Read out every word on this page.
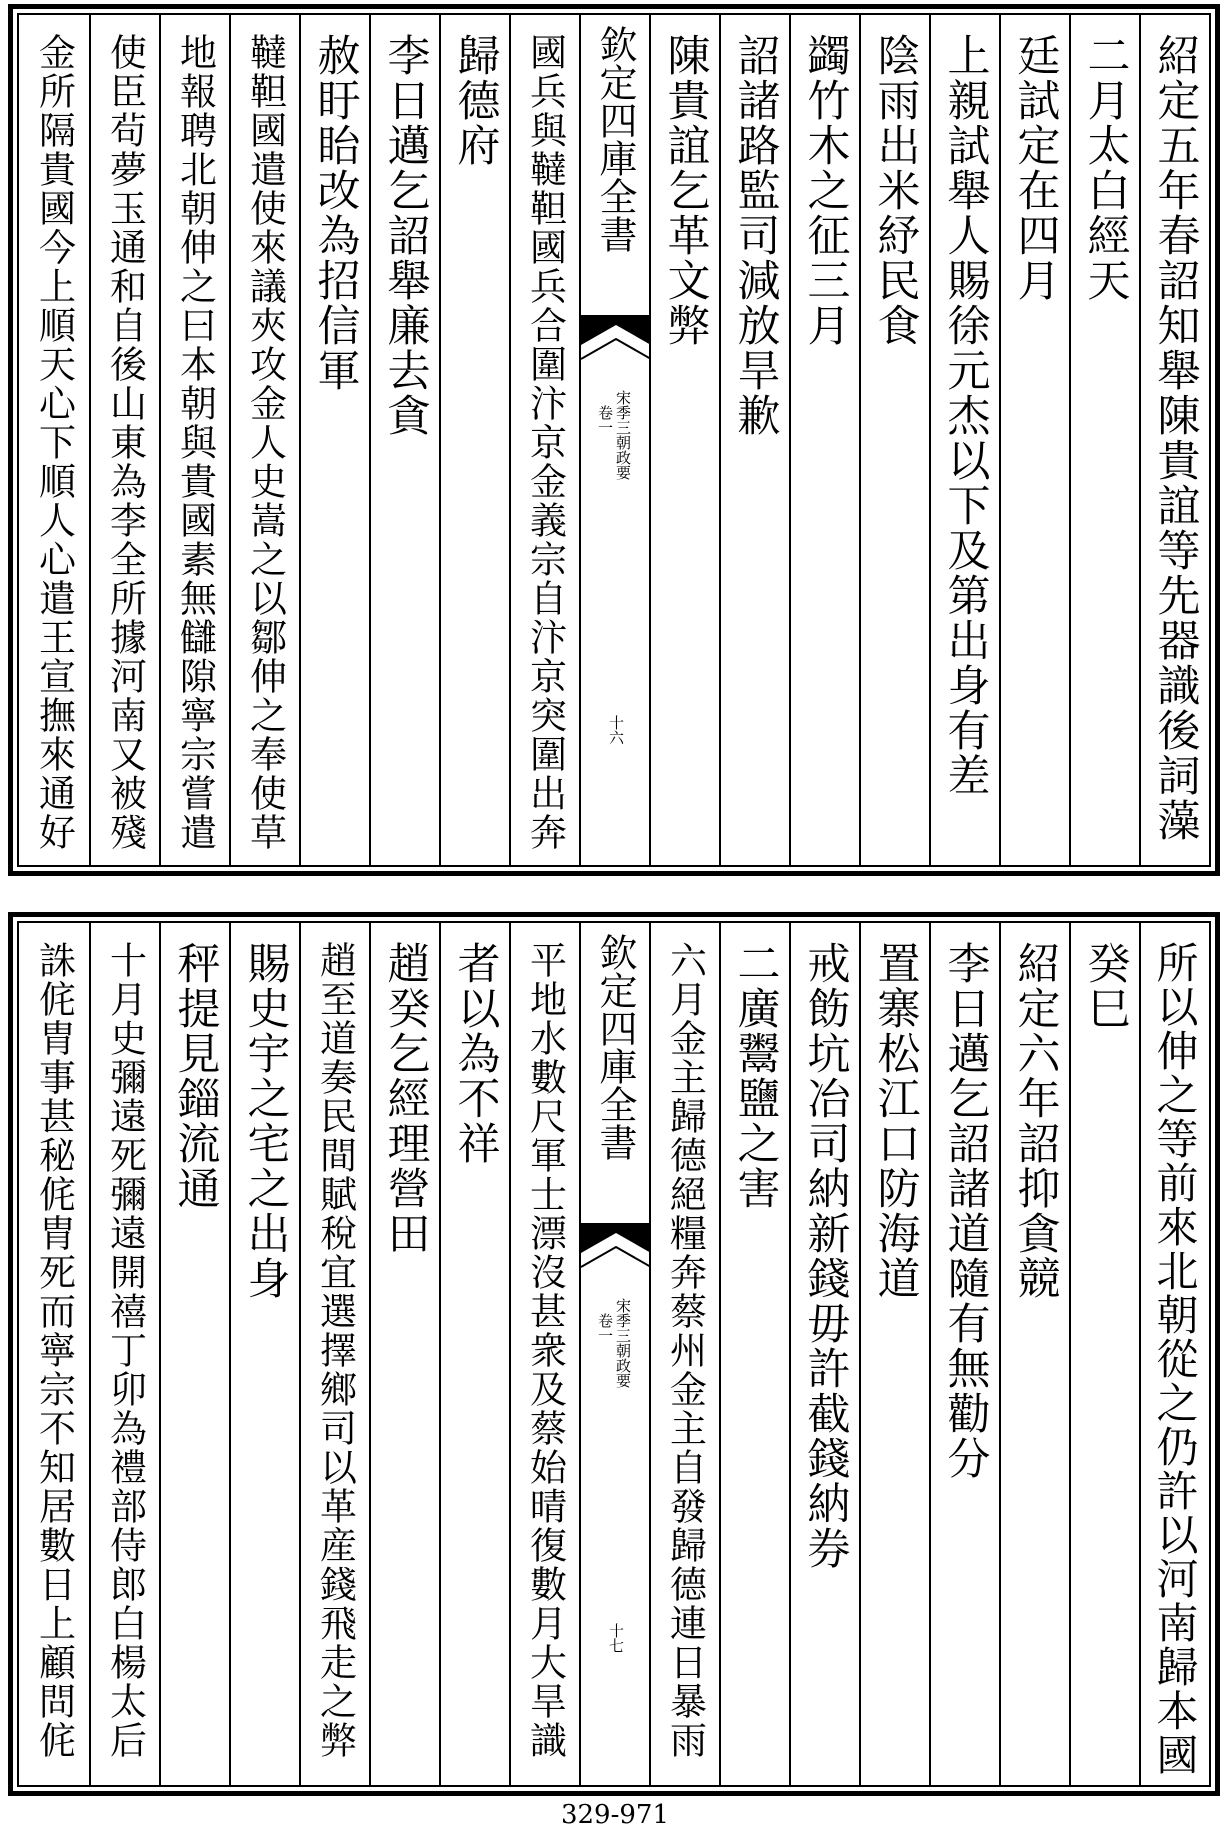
紹定五年春詔知舉陳貴誼等先器識後詞藻
二月太白經天
廷試定在四月
上親試舉人賜徐元杰以下及第出身有差
陰雨出米紓民食
蠲竹木之征三月
詔諸路監司減放旱歉
陳貴誼乞革文弊
欽定四庫全書
宋季三朝政要
卷一
十六
國兵與韃靼國兵合圍汴京金義宗自汴京突圍出奔
歸德府
李日邁乞詔舉廉去貪
赦盱眙改為招信軍
韃靼國遣使來議夾攻金人史嵩之以鄒伸之奉使草
地報聘北朝伸之曰本朝與貴國素無讎隙寧宗嘗遣
使臣茍夢玉通和自後山東為李全所據河南又被殘
金所隔貴國今上順天心下順人心遣王宣撫來通好
所以伸之等前來北朝從之仍許以河南歸本國
癸巳
紹定六年詔抑貪競
李日邁乞詔諸道隨有無勸分
置寨松江口防海道
戒飭坑冶司納新錢毋許截錢納券
二廣鬻鹽之害
六月金主歸德絕糧奔蔡州金主自發歸德連日暴雨
欽定四庫全書
宋季三朝政要
卷一
十七
平地水數尺軍士漂沒甚衆及蔡始晴復數月大旱識
者以為不祥
趙癸乞經理營田
趙至道奏民間賦稅宜選擇鄉司以革産錢飛走之弊
賜史宇之宅之出身
秤提見錙流通
十月史彌遠死彌遠開禧丁卯為禮部侍郎白楊太后
誅侂胄事甚秘侂胄死而寧宗不知居數日上顧問侂
329-971
